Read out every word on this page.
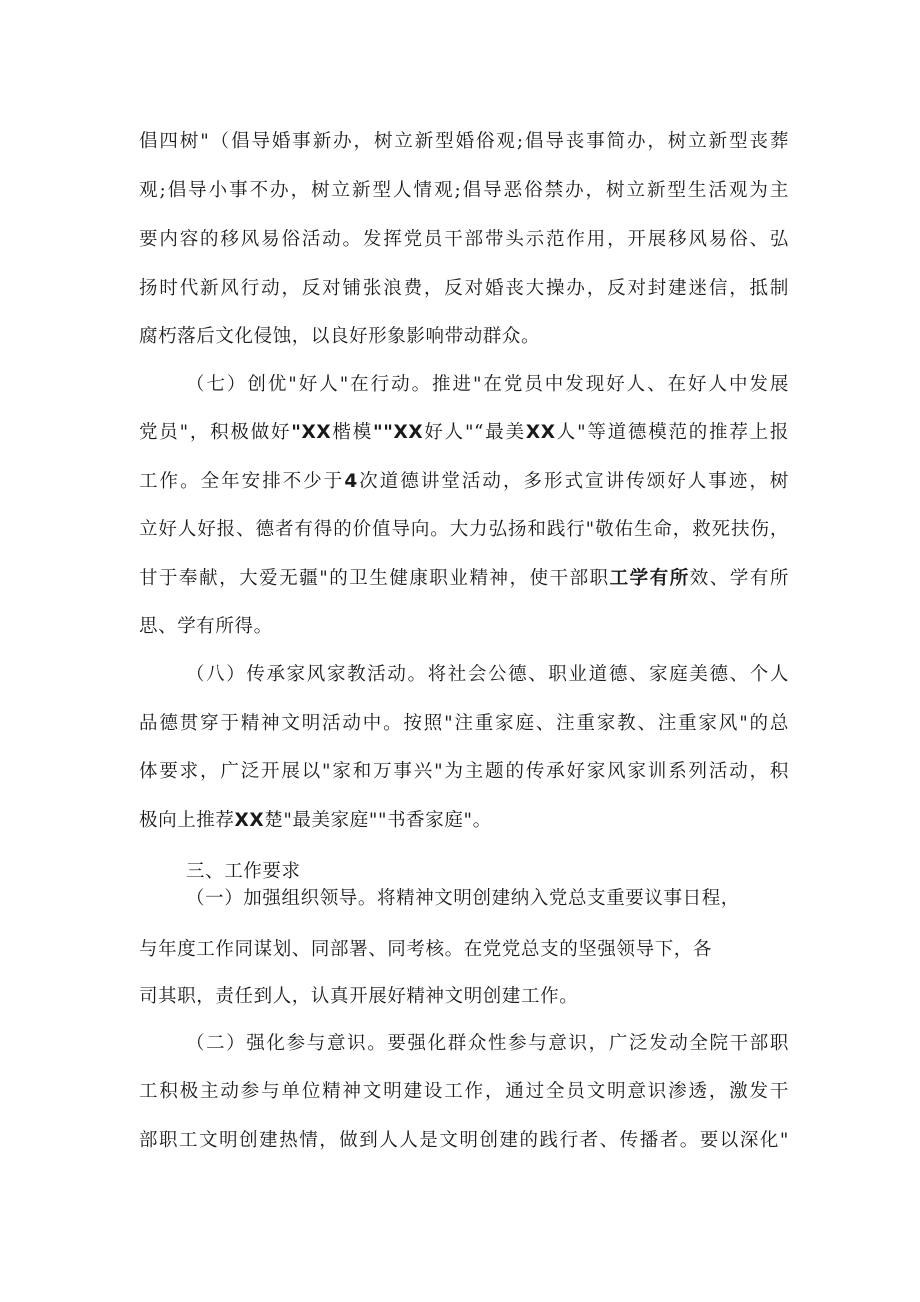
倡四树"（倡导婚事新办，树立新型婚俗观;倡导丧事简办，树立新型丧葬
观;倡导小事不办，树立新型人情观;倡导恶俗禁办，树立新型生活观为主
要内容的移风易俗活动。发挥党员干部带头示范作用，开展移风易俗、弘
扬时代新风行动，反对铺张浪费，反对婚丧大操办，反对封建迷信，抵制
腐朽落后文化侵蚀，以良好形象影响带动群众。
（七）创优"好人"在行动。推进"在党员中发现好人、在好人中发展
党员"，积极做好"XX楷模""XX好人"“最美XX人"等道德模范的推荐上报
工作。全年安排不少于4次道德讲堂活动，多形式宣讲传颂好人事迹，树
立好人好报、德者有得的价值导向。大力弘扬和践行"敬佑生命，救死扶伤，
甘于奉献，大爱无疆"的卫生健康职业精神，使干部职工学有所效、学有所
思、学有所得。
（八）传承家风家教活动。将社会公德、职业道德、家庭美德、个人
品德贯穿于精神文明活动中。按照"注重家庭、注重家教、注重家风"的总
体要求，广泛开展以"家和万事兴"为主题的传承好家风家训系列活动，积
极向上推荐XX楚"最美家庭""书香家庭"。
三、工作要求
（一）加强组织领导。将精神文明创建纳入党总支重要议事日程，
与年度工作同谋划、同部署、同考核。在党党总支的坚强领导下，各
司其职，责任到人，认真开展好精神文明创建工作。
（二）强化参与意识。要强化群众性参与意识，广泛发动全院干部职
工积极主动参与单位精神文明建设工作，通过全员文明意识渗透，激发干
部职工文明创建热情，做到人人是文明创建的践行者、传播者。要以深化"
